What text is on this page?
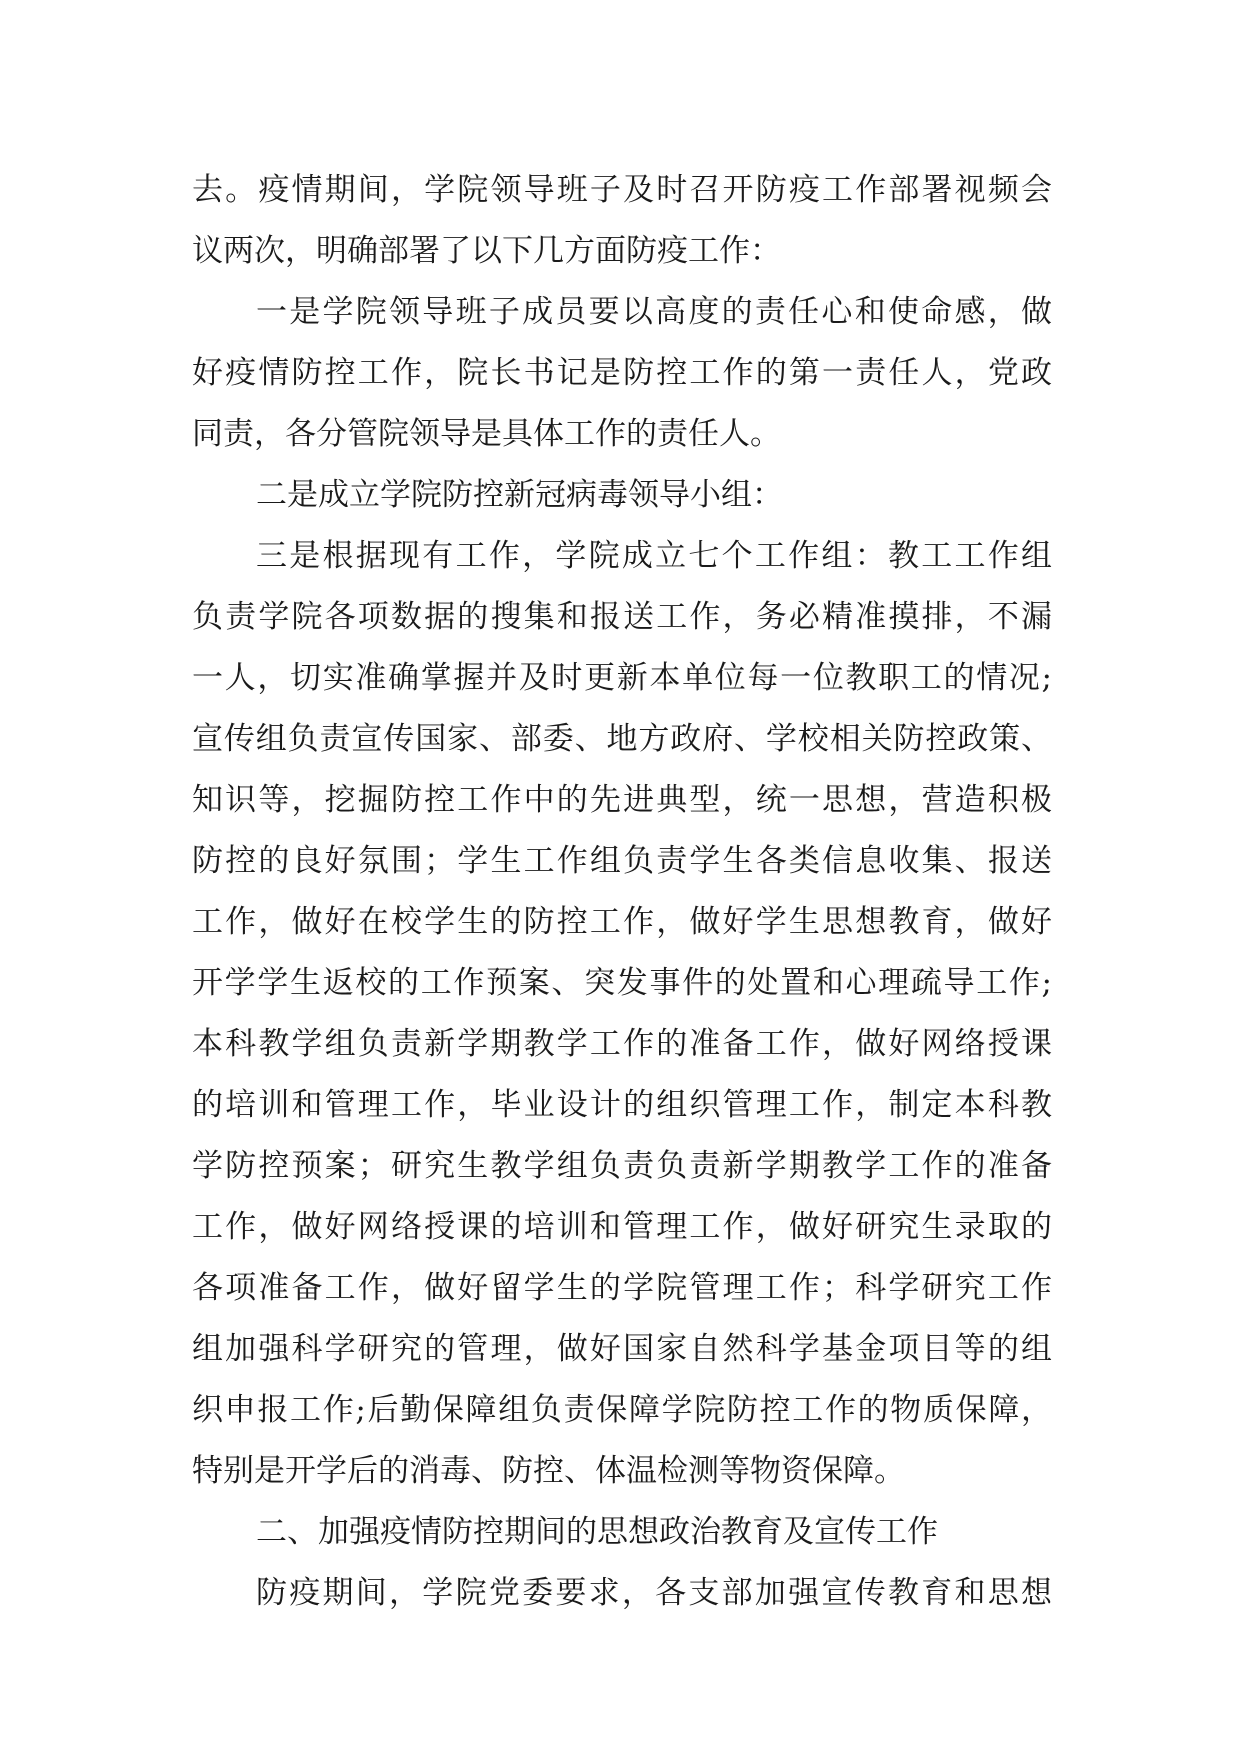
去。疫情期间，学院领导班子及时召开防疫工作部署视频会
议两次，明确部署了以下几方面防疫工作：
一是学院领导班子成员要以高度的责任心和使命感，做
好疫情防控工作，院长书记是防控工作的第一责任人，党政
同责，各分管院领导是具体工作的责任人。
二是成立学院防控新冠病毒领导小组：
三是根据现有工作，学院成立七个工作组：教工工作组
负责学院各项数据的搜集和报送工作，务必精准摸排，不漏
一人，切实准确掌握并及时更新本单位每一位教职工的情况;
宣传组负责宣传国家、部委、地方政府、学校相关防控政策、
知识等，挖掘防控工作中的先进典型，统一思想，营造积极
防控的良好氛围；学生工作组负责学生各类信息收集、报送
工作，做好在校学生的防控工作，做好学生思想教育，做好
开学学生返校的工作预案、突发事件的处置和心理疏导工作;
本科教学组负责新学期教学工作的准备工作，做好网络授课
的培训和管理工作，毕业设计的组织管理工作，制定本科教
学防控预案；研究生教学组负责负责新学期教学工作的准备
工作，做好网络授课的培训和管理工作，做好研究生录取的
各项准备工作，做好留学生的学院管理工作；科学研究工作
组加强科学研究的管理，做好国家自然科学基金项目等的组
织申报工作;后勤保障组负责保障学院防控工作的物质保障，
特别是开学后的消毒、防控、体温检测等物资保障。
二、加强疫情防控期间的思想政治教育及宣传工作
防疫期间，学院党委要求，各支部加强宣传教育和思想
